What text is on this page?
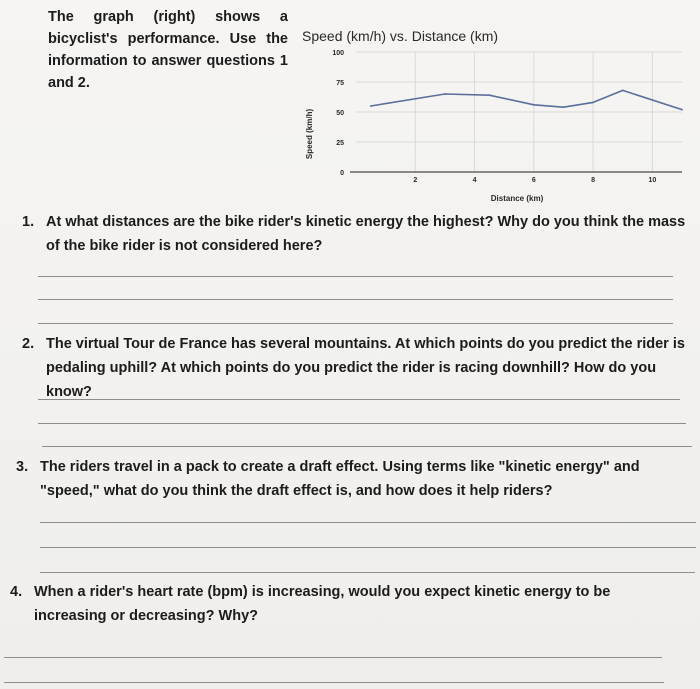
The graph (right) shows a bicyclist's performance. Use the information to answer questions 1 and 2.
Speed (km/h) vs. Distance (km)
Speed (km/h)
Distance (km)
0
25
50
75
100
2	4	6	8	10
1. At what distances are the bike rider's kinetic energy the highest? Why do you think the mass of the bike rider is not considered here?
2. The virtual Tour de France has several mountains. At which points do you predict the rider is pedaling uphill? At which points do you predict the rider is racing downhill? How do you know?
3. The riders travel in a pack to create a draft effect. Using terms like "kinetic energy" and "speed," what do you think the draft effect is, and how does it help riders?
4. When a rider's heart rate (bpm) is increasing, would you expect kinetic energy to be increasing or decreasing? Why?
